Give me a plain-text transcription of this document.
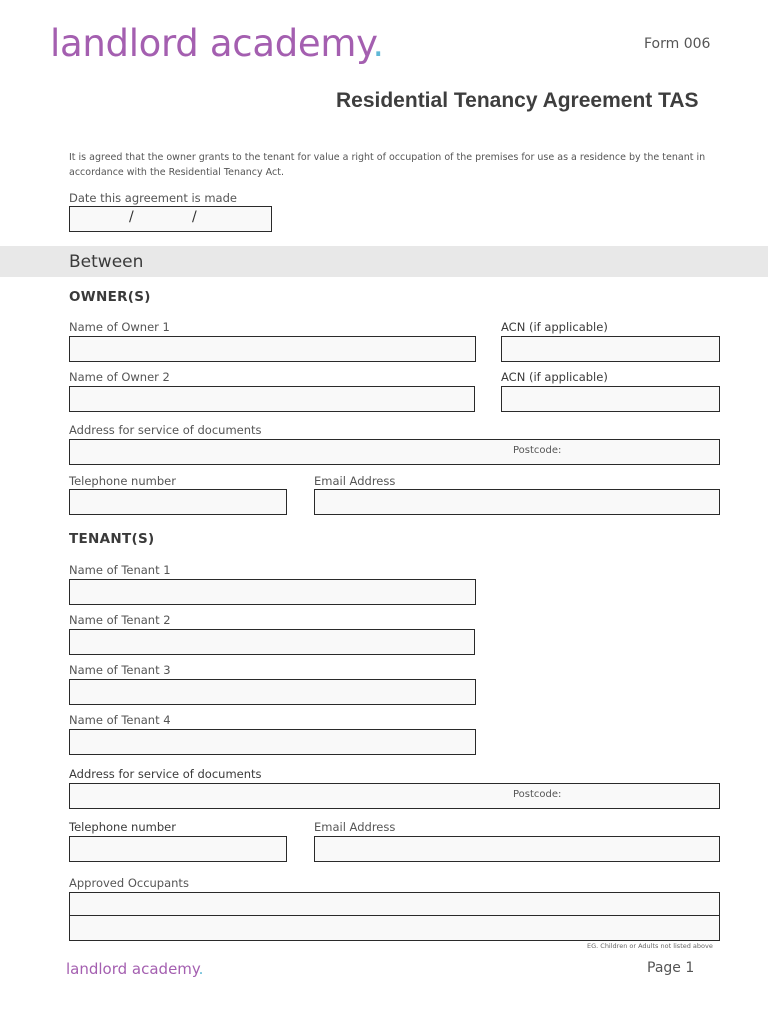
landlord academy.	Form 006
Residential Tenancy Agreement TAS
It is agreed that the owner grants to the tenant for value a right of occupation of the premises for use as a residence by the tenant in accordance with the Residential Tenancy Act.
Date this agreement is made
/	/
Between
OWNER(S)
Name of Owner 1	ACN (if applicable)
Name of Owner 2	ACN (if applicable)
Address for service of documents
Postcode:
Telephone number	Email Address
TENANT(S)
Name of Tenant 1
Name of Tenant 2
Name of Tenant 3
Name of Tenant 4
Address for service of documents
Postcode:
Telephone number	Email Address
Approved Occupants
EG. Children or Adults not listed above
landlord academy.	Page 1
